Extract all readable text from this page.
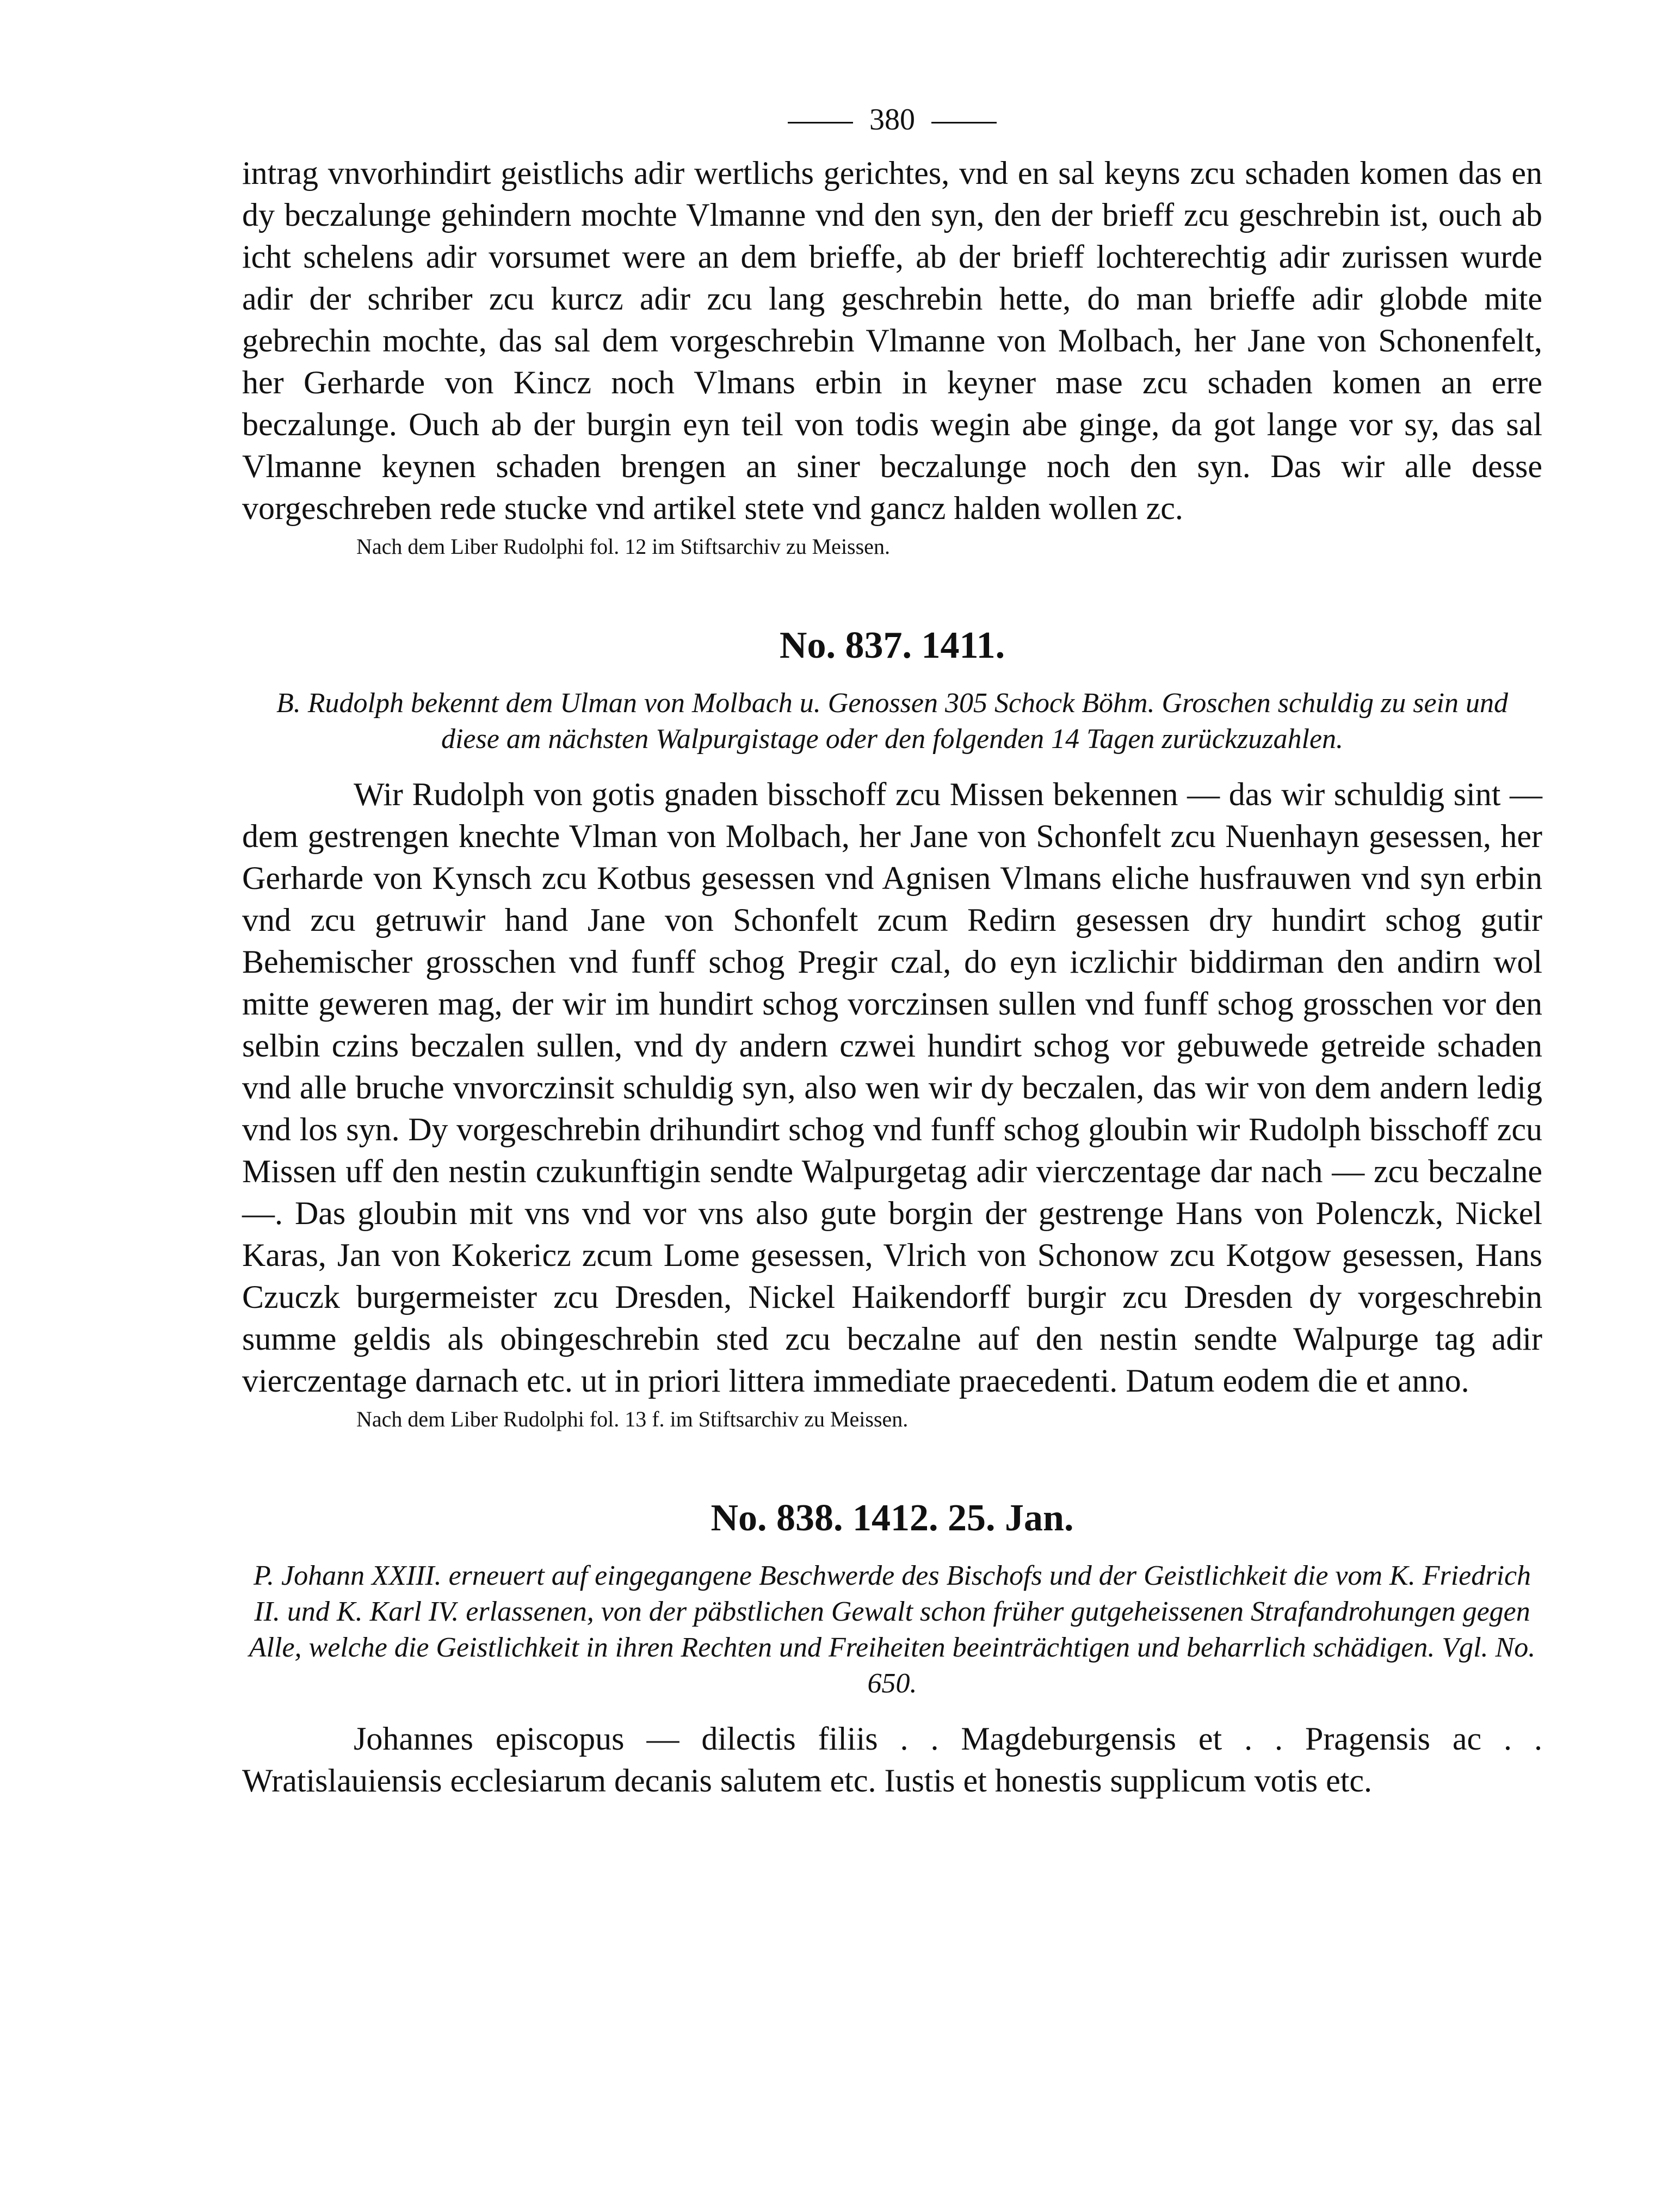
380

intrag vnvorhindirt geistlichs adir wertlichs gerichtes, vnd en sal keyns zcu schaden komen das en dy beczalunge gehindern mochte Vlmanne vnd den syn, den der brieff zcu geschrebin ist, ouch ab icht schelens adir vorsumet were an dem brieffe, ab der brieff lochterechtig adir zurissen wurde adir der schriber zcu kurcz adir zcu lang geschrebin hette, do man brieffe adir globde mite gebrechin mochte, das sal dem vorgeschrebin Vlmanne von Molbach, her Jane von Schonenfelt, her Gerharde von Kincz noch Vlmans erbin in keyner mase zcu schaden komen an erre beczalunge. Ouch ab der burgin eyn teil von todis wegin abe ginge, da got lange vor sy, das sal Vlmanne keynen schaden brengen an siner beczalunge noch den syn. Das wir alle desse vorgeschreben rede stucke vnd artikel stete vnd gancz halden wollen zc.

Nach dem Liber Rudolphi fol. 12 im Stiftsarchiv zu Meissen.

No. 837. 1411.

B. Rudolph bekennt dem Ulman von Molbach u. Genossen 305 Schock Böhm. Groschen schuldig zu sein und diese am nächsten Walpurgistage oder den folgenden 14 Tagen zurückzuzahlen.

Wir Rudolph von gotis gnaden bisschoff zcu Missen bekennen — das wir schuldig sint — dem gestrengen knechte Vlman von Molbach, her Jane von Schonfelt zcu Nuenhayn gesessen, her Gerharde von Kynsch zcu Kotbus gesessen vnd Agnisen Vlmans eliche husfrauwen vnd syn erbin vnd zcu getruwir hand Jane von Schonfelt zcum Redirn gesessen dry hundirt schog gutir Behemischer grosschen vnd funff schog Pregir czal, do eyn iczlichir biddirman den andirn wol mitte geweren mag, der wir im hundirt schog vorczinsen sullen vnd funff schog grosschen vor den selbin czins beczalen sullen, vnd dy andern czwei hundirt schog vor gebuwede getreide schaden vnd alle bruche vnvorczinsit schuldig syn, also wen wir dy beczalen, das wir von dem andern ledig vnd los syn. Dy vorgeschrebin drihundirt schog vnd funff schog gloubin wir Rudolph bisschoff zcu Missen uff den nestin czukunftigin sendte Walpurgetag adir vierczentage dar nach — zcu beczalne —. Das gloubin mit vns vnd vor vns also gute borgin der gestrenge Hans von Polenczk, Nickel Karas, Jan von Kokericz zcum Lome gesessen, Vlrich von Schonow zcu Kotgow gesessen, Hans Czuczk burgermeister zcu Dresden, Nickel Haikendorff burgir zcu Dresden dy vorgeschrebin summe geldis als obingeschrebin sted zcu beczalne auf den nestin sendte Walpurge tag adir vierczentage darnach etc. ut in priori littera immediate praecedenti. Datum eodem die et anno.

Nach dem Liber Rudolphi fol. 13 f. im Stiftsarchiv zu Meissen.

No. 838. 1412. 25. Jan.

P. Johann XXIII. erneuert auf eingegangene Beschwerde des Bischofs und der Geistlichkeit die vom K. Friedrich II. und K. Karl IV. erlassenen, von der päbstlichen Gewalt schon früher gutgeheissenen Strafandrohungen gegen Alle, welche die Geistlichkeit in ihren Rechten und Freiheiten beeinträchtigen und beharrlich schädigen. Vgl. No. 650.

Johannes episcopus — dilectis filiis . . Magdeburgensis et . . Pragensis ac . . Wratislauiensis ecclesiarum decanis salutem etc. Iustis et honestis supplicum votis etc.
